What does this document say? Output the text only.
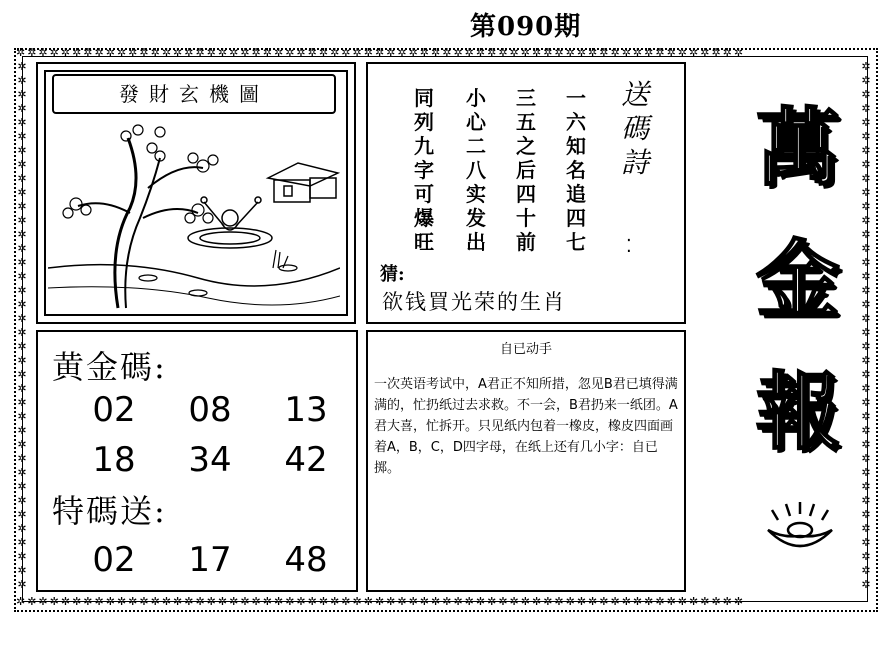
第090期
✲✲✲✲✲✲✲✲✲✲✲✲✲✲✲✲✲✲✲✲✲✲✲✲✲✲✲✲✲✲✲✲✲✲✲✲✲✲✲✲✲✲✲✲✲✲✲✲✲✲✲✲✲✲✲✲✲✲✲✲✲✲✲✲✲
✲✲✲✲✲✲✲✲✲✲✲✲✲✲✲✲✲✲✲✲✲✲✲✲✲✲✲✲✲✲✲✲✲✲✲✲✲✲✲✲✲✲✲✲✲✲✲✲✲✲✲✲✲✲✲✲✲✲✲✲✲✲✲✲✲
✲
✲
✲
✲
✲
✲
✲
✲
✲
✲
✲
✲
✲
✲
✲
✲
✲
✲
✲
✲
✲
✲
✲
✲
✲
✲
✲
✲
✲
✲
✲
✲
✲
✲
✲
✲
✲
✲
✲
✲
✲
✲
✲
✲
✲
✲
✲
✲
✲
✲
✲
✲
✲
✲
✲
✲
✲
✲
✲
✲
✲
✲
✲
✲
✲
✲
✲
✲
✲
✲
✲
✲
✲
✲
✲
✲
發財玄機圖	一六知名追四七
三五之后四十前
小心二八实发出
同列九字可爆旺
送碼詩
⁚
猜:
欲钱買光荣的生肖
黄金碼:
02 08 13
18 34 42
特碼送:
02 17 48
自已动手
一次英语考试中，A君正不知所措，忽见B君已填得满满的，忙扔纸过去求救。不一会，B君扔来一纸团。A君大喜，忙拆开。只见纸内包着一橡皮，橡皮四面画着A，B，C，D四字母，在纸上还有几小字：自已掷。
萬
金
報
